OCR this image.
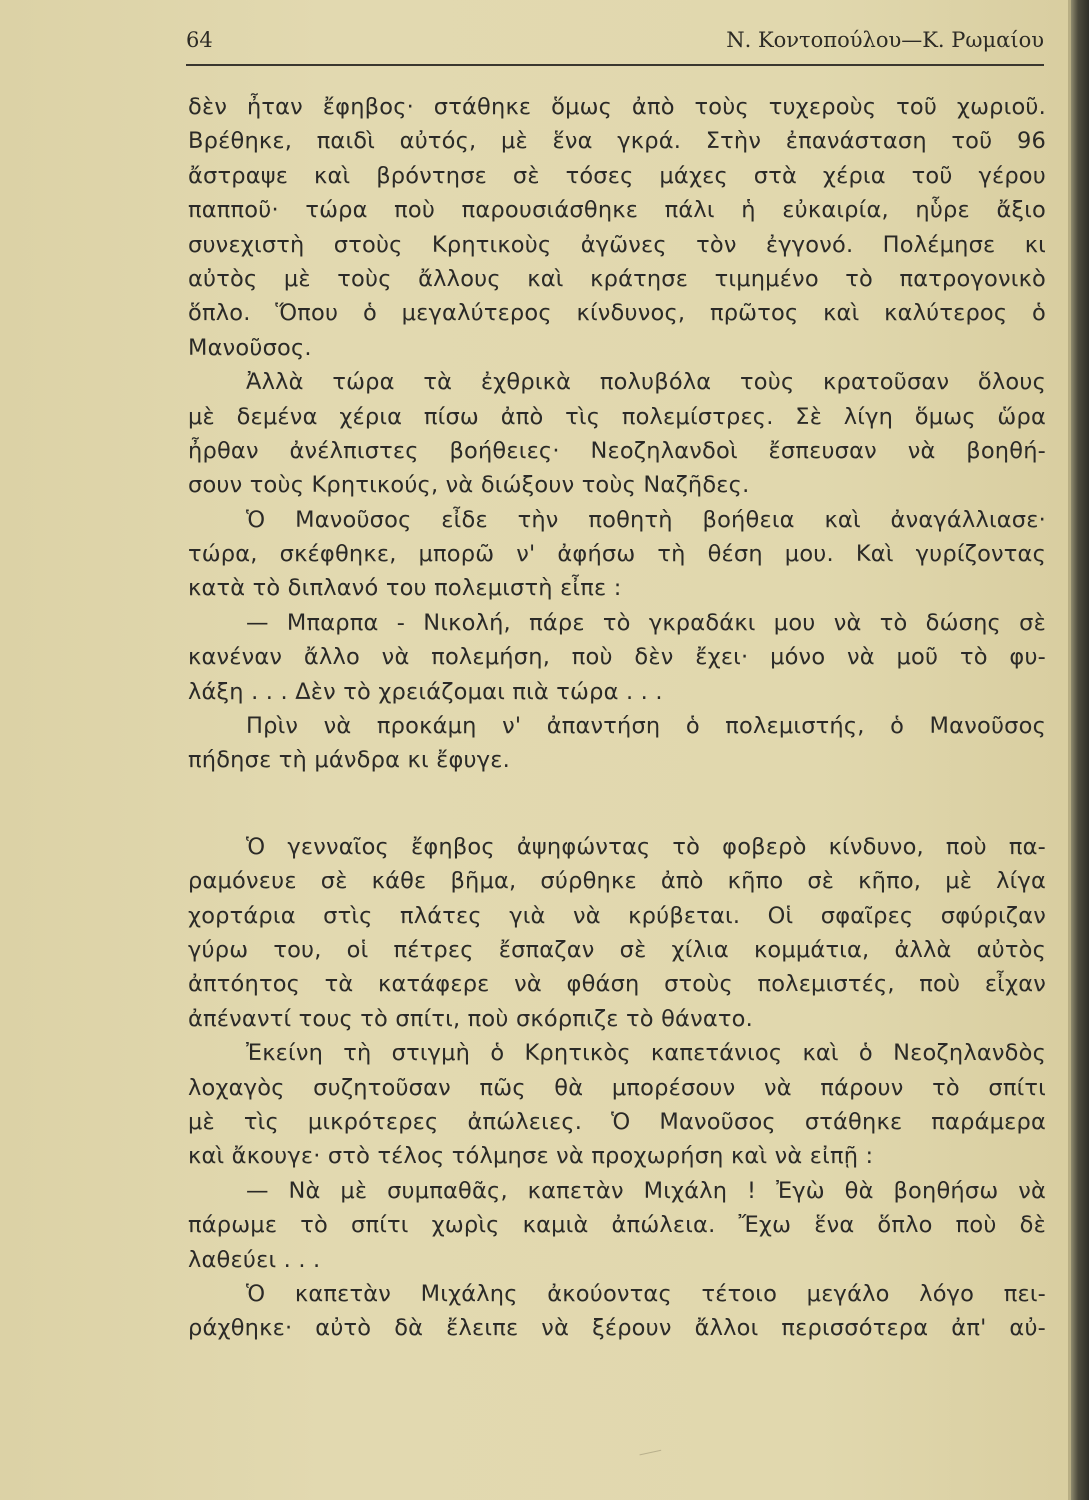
64	Ν. Κοντοπούλου—Κ. Ρωμαίου
δὲν ἦταν ἔφηβος· στάθηκε ὅμως ἀπὸ τοὺς τυχεροὺς τοῦ χωριοῦ.
Βρέθηκε, παιδὶ αὐτός, μὲ ἕνα γκρά. Στὴν ἐπανάσταση τοῦ 96
ἄστραψε καὶ βρόντησε σὲ τόσες μάχες στὰ χέρια τοῦ γέρου
παπποῦ· τώρα ποὺ παρουσιάσθηκε πάλι ἡ εὐκαιρία, ηὗρε ἄξιο
συνεχιστὴ στοὺς Κρητικοὺς ἀγῶνες τὸν ἐγγονό. Πολέμησε κι
αὐτὸς μὲ τοὺς ἄλλους καὶ κράτησε τιμημένο τὸ πατρογονικὸ
ὅπλο. Ὅπου ὁ μεγαλύτερος κίνδυνος, πρῶτος καὶ καλύτερος ὁ
Μανοῦσος.
Ἀλλὰ τώρα τὰ ἐχθρικὰ πολυβόλα τοὺς κρατοῦσαν ὅλους
μὲ δεμένα χέρια πίσω ἀπὸ τὶς πολεμίστρες. Σὲ λίγη ὅμως ὥρα
ἦρθαν ἀνέλπιστες βοήθειες· Νεοζηλανδοὶ ἔσπευσαν νὰ βοηθή-
σουν τοὺς Κρητικούς, νὰ διώξουν τοὺς Ναζῆδες.
Ὁ Μανοῦσος εἶδε τὴν ποθητὴ βοήθεια καὶ ἀναγάλλιασε·
τώρα, σκέφθηκε, μπορῶ ν' ἀφήσω τὴ θέση μου. Καὶ γυρίζοντας
κατὰ τὸ διπλανό του πολεμιστὴ εἶπε :
— Μπαρπα - Νικολή, πάρε τὸ γκραδάκι μου νὰ τὸ δώσης σὲ
κανέναν ἄλλο νὰ πολεμήση, ποὺ δὲν ἔχει· μόνο νὰ μοῦ τὸ φυ-
λάξη . . . Δὲν τὸ χρειάζομαι πιὰ τώρα . . .
Πρὶν νὰ προκάμη ν' ἀπαντήση ὁ πολεμιστής, ὁ Μανοῦσος
πήδησε τὴ μάνδρα κι ἔφυγε.
Ὁ γενναῖος ἔφηβος ἀψηφώντας τὸ φοβερὸ κίνδυνο, ποὺ πα-
ραμόνευε σὲ κάθε βῆμα, σύρθηκε ἀπὸ κῆπο σὲ κῆπο, μὲ λίγα
χορτάρια στὶς πλάτες γιὰ νὰ κρύβεται. Οἱ σφαῖρες σφύριζαν
γύρω του, οἱ πέτρες ἔσπαζαν σὲ χίλια κομμάτια, ἀλλὰ αὐτὸς
ἀπτόητος τὰ κατάφερε νὰ φθάση στοὺς πολεμιστές, ποὺ εἶχαν
ἀπέναντί τους τὸ σπίτι, ποὺ σκόρπιζε τὸ θάνατο.
Ἐκείνη τὴ στιγμὴ ὁ Κρητικὸς καπετάνιος καὶ ὁ Νεοζηλανδὸς
λοχαγὸς συζητοῦσαν πῶς θὰ μπορέσουν νὰ πάρουν τὸ σπίτι
μὲ τὶς μικρότερες ἀπώλειες. Ὁ Μανοῦσος στάθηκε παράμερα
καὶ ἄκουγε· στὸ τέλος τόλμησε νὰ προχωρήση καὶ νὰ εἰπῇ :
— Νὰ μὲ συμπαθᾶς, καπετὰν Μιχάλη ! Ἐγὼ θὰ βοηθήσω νὰ
πάρωμε τὸ σπίτι χωρὶς καμιὰ ἀπώλεια. Ἔχω ἕνα ὅπλο ποὺ δὲ
λαθεύει . . .
Ὁ καπετὰν Μιχάλης ἀκούοντας τέτοιο μεγάλο λόγο πει-
ράχθηκε· αὐτὸ δὰ ἔλειπε νὰ ξέρουν ἄλλοι περισσότερα ἀπ' αὐ-
